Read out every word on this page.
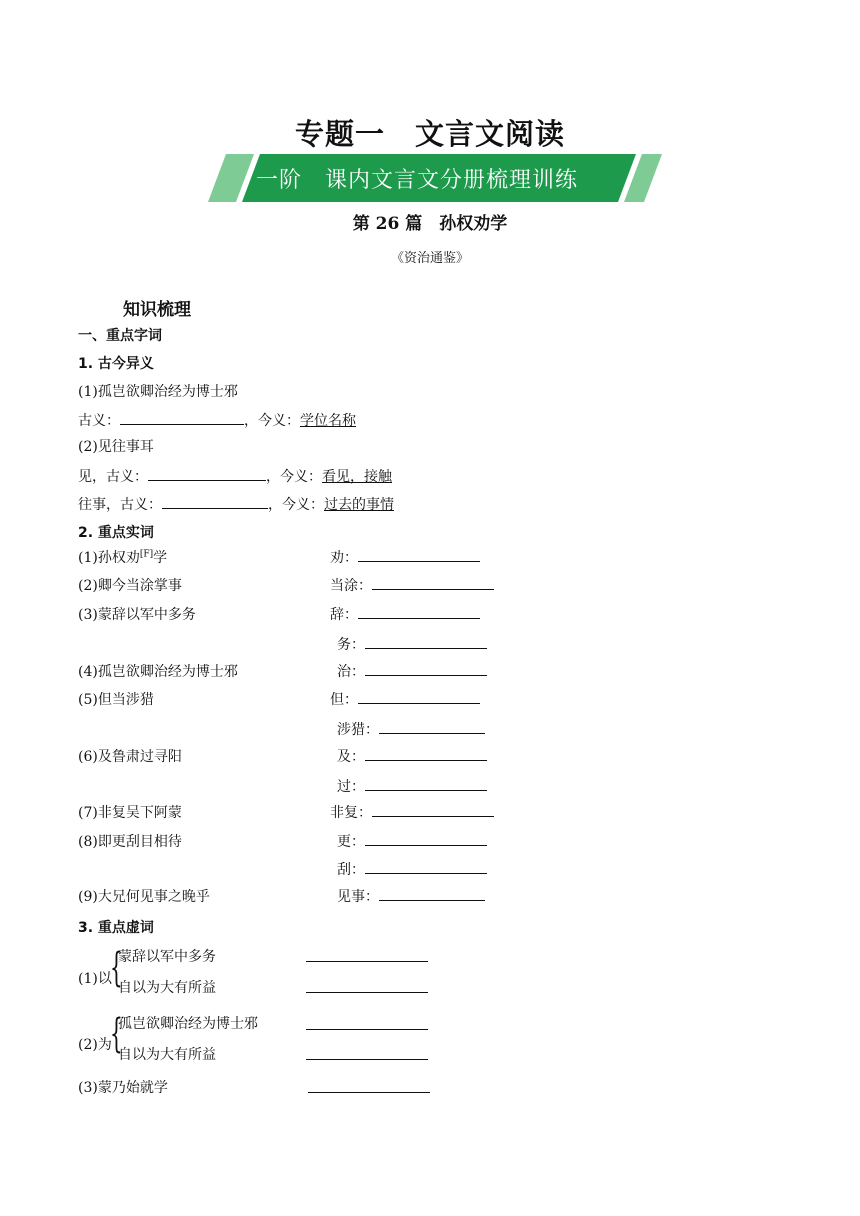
专题一　文言文阅读
一阶　课内文言文分册梳理训练
第 26 篇　孙权劝学
《资治通鉴》
知识梳理
一、重点字词
1. 古今异义
(1)孤岂欲卿治经为博士邪
古义：	，今义：学位名称
(2)见往事耳
见，古义：	，今义：看见，接触
往事，古义：	，今义：过去的事情
2. 重点实词
(1)孙权劝[F]学	劝：
(2)卿今当涂掌事	当涂：
(3)蒙辞以军中多务	辞：
务：
(4)孤岂欲卿治经为博士邪	治：
(5)但当涉猎	但：
涉猎：
(6)及鲁肃过寻阳	及：
过：
(7)非复吴下阿蒙	非复：
(8)即更刮目相待	更：
刮：
(9)大兄何见事之晚乎	见事：
3. 重点虚词
(1)以
{
蒙辞以军中多务
自以为大有所益
(2)为
{
孤岂欲卿治经为博士邪
自以为大有所益
(3)蒙乃始就学
